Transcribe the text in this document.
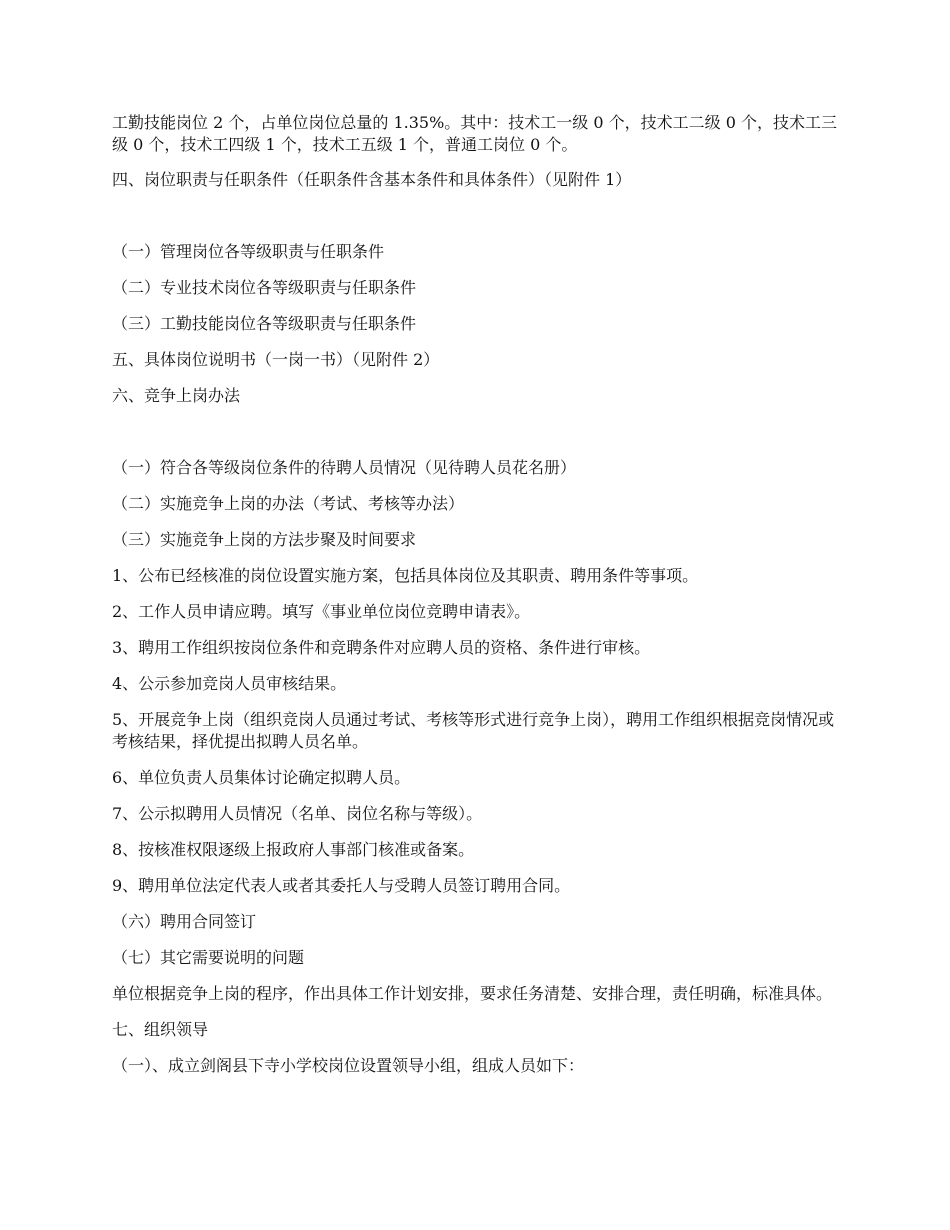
工勤技能岗位 2 个，占单位岗位总量的 1.35%。其中：技术工一级 0 个，技术工二级 0 个，技术工三级 0 个，技术工四级 1 个，技术工五级 1 个，普通工岗位 0 个。

四、岗位职责与任职条件（任职条件含基本条件和具体条件）（见附件 1）

（一）管理岗位各等级职责与任职条件

（二）专业技术岗位各等级职责与任职条件

（三）工勤技能岗位各等级职责与任职条件

五、具体岗位说明书（一岗一书）（见附件 2）

六、竞争上岗办法

（一）符合各等级岗位条件的待聘人员情况（见待聘人员花名册）

（二）实施竞争上岗的办法（考试、考核等办法）

（三）实施竞争上岗的方法步聚及时间要求

1、公布已经核准的岗位设置实施方案，包括具体岗位及其职责、聘用条件等事项。

2、工作人员申请应聘。填写《事业单位岗位竞聘申请表》。

3、聘用工作组织按岗位条件和竞聘条件对应聘人员的资格、条件进行审核。

4、公示参加竞岗人员审核结果。

5、开展竞争上岗（组织竞岗人员通过考试、考核等形式进行竞争上岗），聘用工作组织根据竞岗情况或考核结果，择优提出拟聘人员名单。

6、单位负责人员集体讨论确定拟聘人员。

7、公示拟聘用人员情况（名单、岗位名称与等级）。

8、按核准权限逐级上报政府人事部门核准或备案。

9、聘用单位法定代表人或者其委托人与受聘人员签订聘用合同。

（六）聘用合同签订

（七）其它需要说明的问题

单位根据竞争上岗的程序，作出具体工作计划安排，要求任务清楚、安排合理，责任明确，标准具体。

七、组织领导

（一）、成立剑阁县下寺小学校岗位设置领导小组，组成人员如下：
